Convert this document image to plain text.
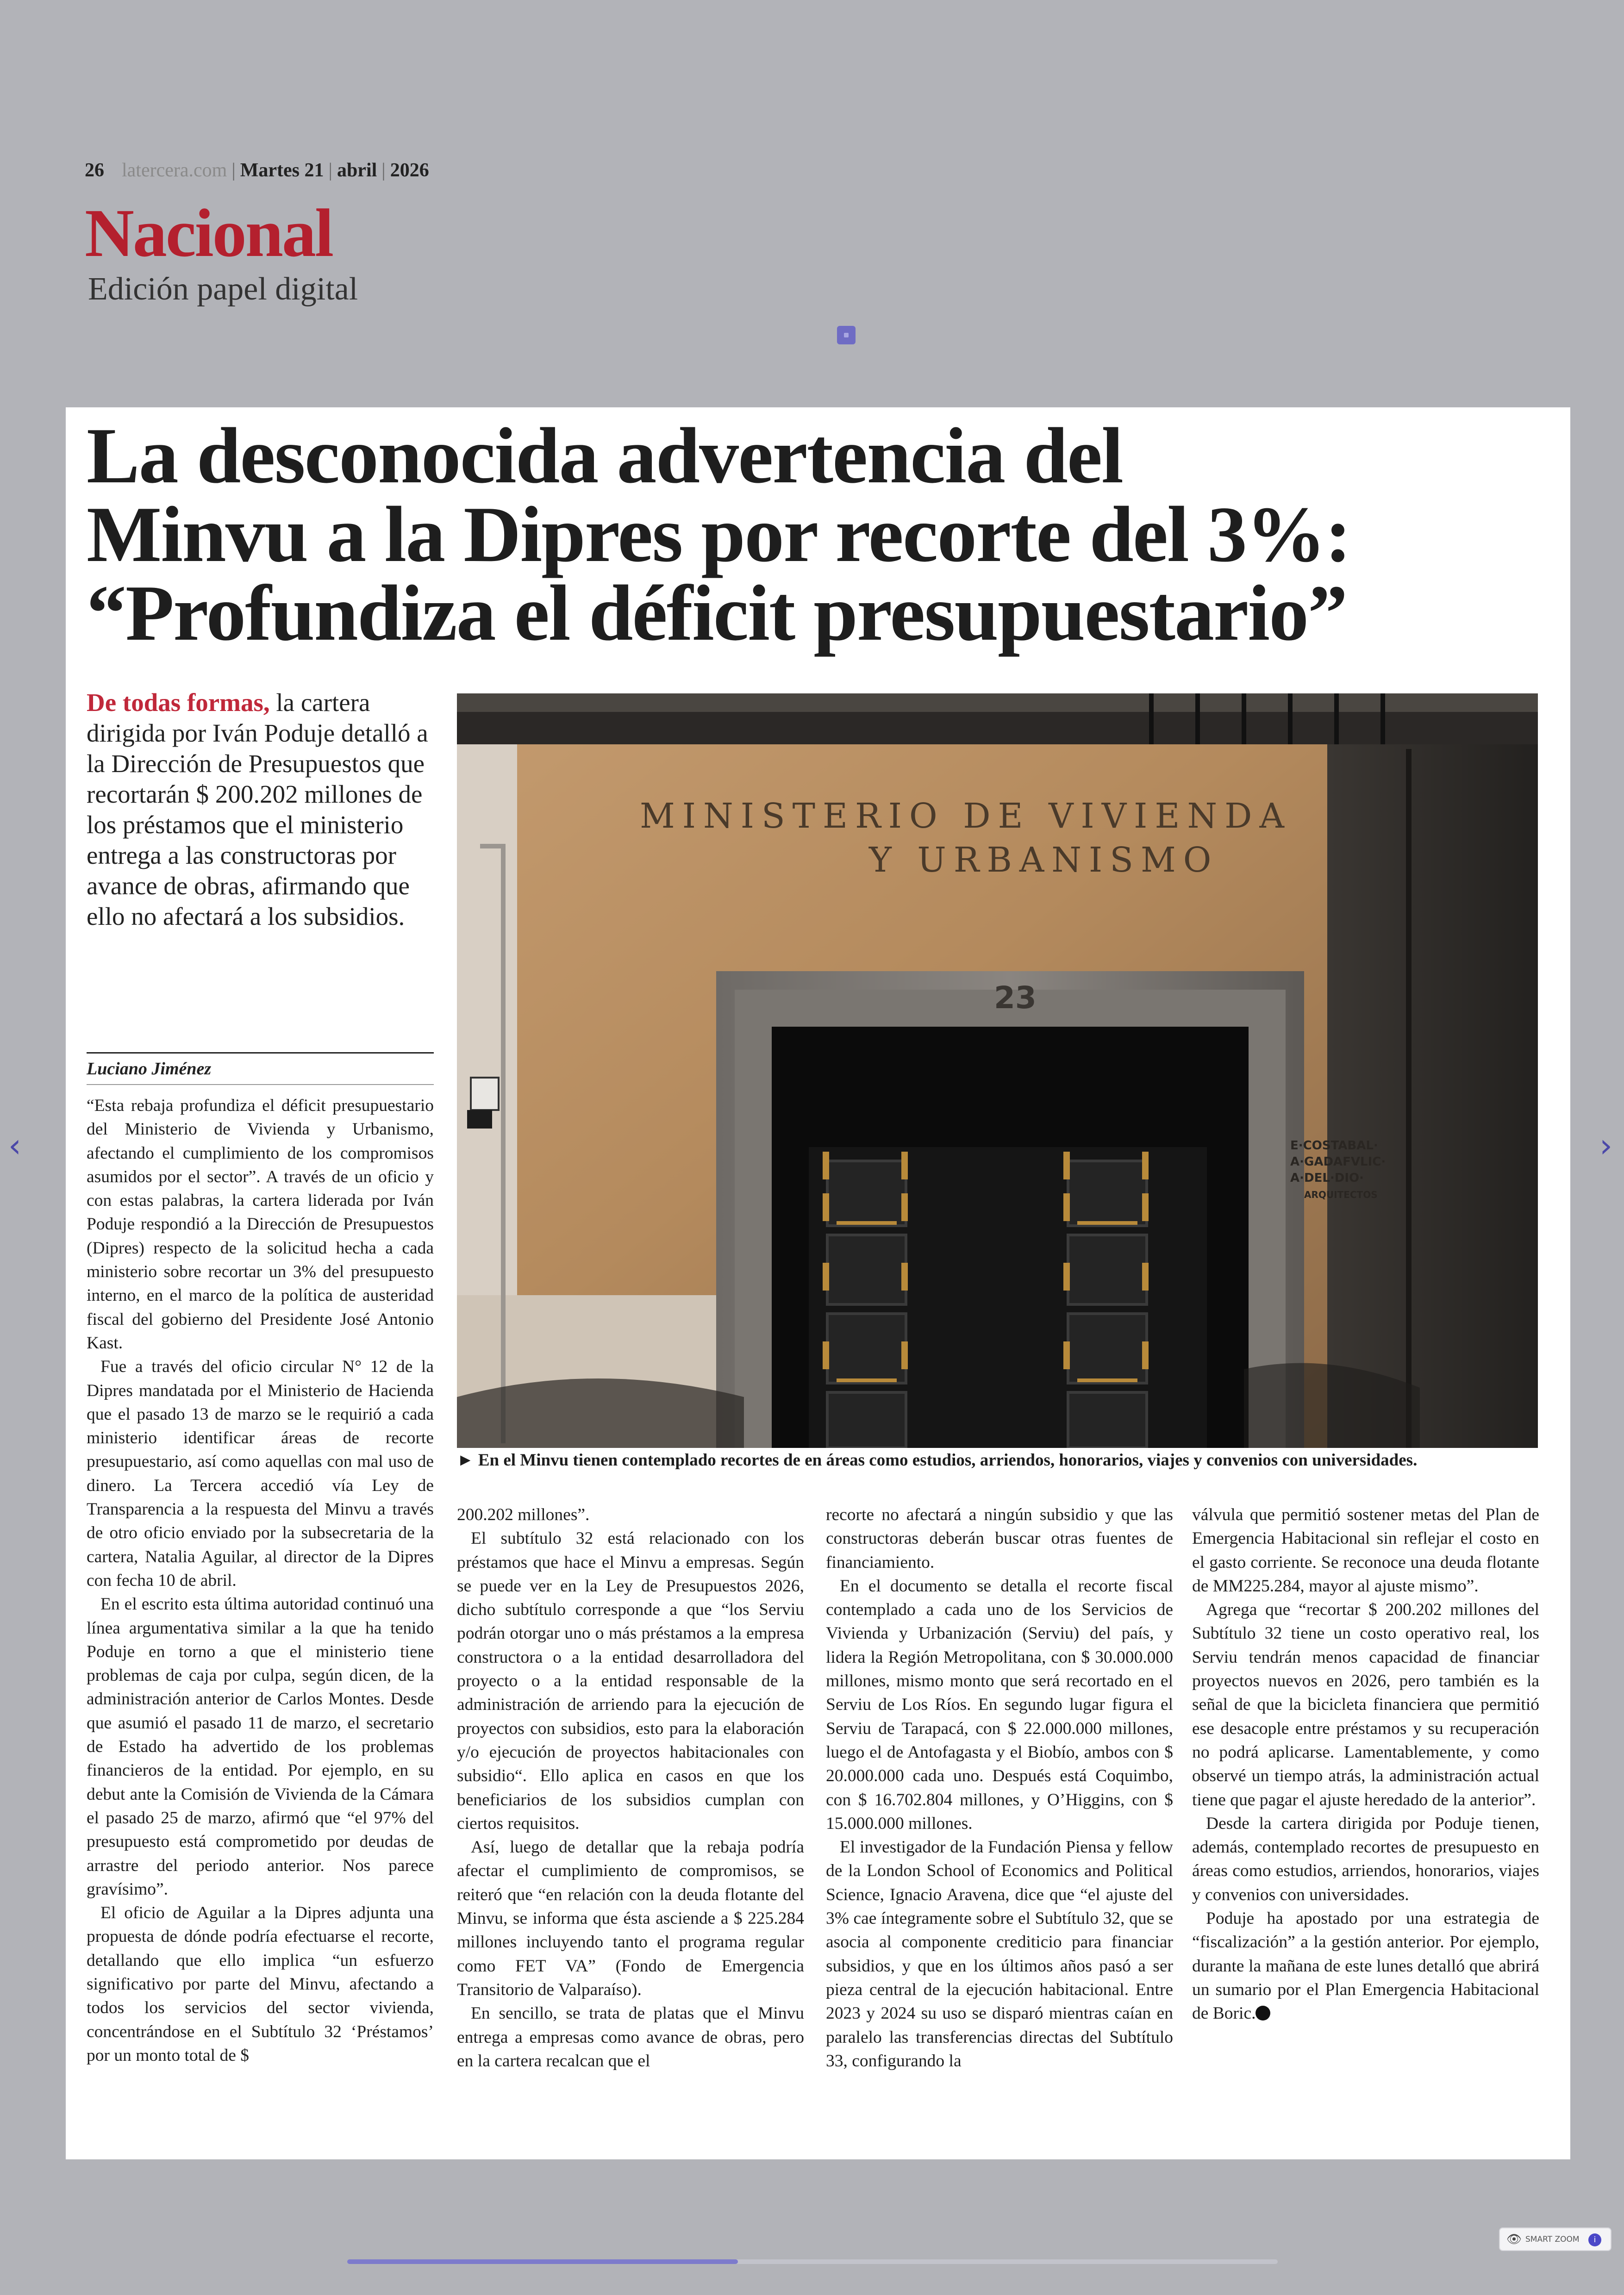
26 latercera.com | Martes 21 | abril | 2026
Nacional
Edición papel digital
La desconocida advertencia del
Minvu a la Dipres por recorte del 3%:
“Profundiza el déficit presupuestario”
De todas formas, la cartera dirigida por Iván Poduje detalló a la Dirección de Presupuestos que recortarán $ 200.202 millones de los préstamos que el ministerio entrega a las constructoras por avance de obras, afirmando que ello no afectará a los subsidios.
Luciano Jiménez
MINISTERIO DE VIVIENDA
Y URBANISMO
23
E·COSTABAL·
A·GADAFVLIC·
A·DEL·DIO·
ARQUITECTOS
► En el Minvu tienen contemplado recortes de en áreas como estudios, arriendos, honorarios, viajes y convenios con universidades.

“Esta rebaja profundiza el déficit presupuestario del Ministerio de Vivienda y Urbanismo, afectando el cumplimiento de los compromisos asumidos por el sector”. A través de un oficio y con estas palabras, la cartera liderada por Iván Poduje respondió a la Dirección de Presupuestos (Dipres) respecto de la solicitud hecha a cada ministerio sobre recortar un 3% del presupuesto interno, en el marco de la política de austeridad fiscal del gobierno del Presidente José Antonio Kast.

Fue a través del oficio circular N° 12 de la Dipres mandatada por el Ministerio de Hacienda que el pasado 13 de marzo se le requirió a cada ministerio identificar áreas de recorte presupuestario, así como aquellas con mal uso de dinero. La Tercera accedió vía Ley de Transparencia a la respuesta del Minvu a través de otro oficio enviado por la subsecretaria de la cartera, Natalia Aguilar, al director de la Dipres con fecha 10 de abril.

En el escrito esta última autoridad continuó una línea argumentativa similar a la que ha tenido Poduje en torno a que el ministerio tiene problemas de caja por culpa, según dicen, de la administración anterior de Carlos Montes. Desde que asumió el pasado 11 de marzo, el secretario de Estado ha advertido de los problemas financieros de la entidad. Por ejemplo, en su debut ante la Comisión de Vivienda de la Cámara el pasado 25 de marzo, afirmó que “el 97% del presupuesto está comprometido por deudas de arrastre del periodo anterior. Nos parece gravísimo”.

El oficio de Aguilar a la Dipres adjunta una propuesta de dónde podría efectuarse el recorte, detallando que ello implica “un esfuerzo significativo por parte del Minvu, afectando a todos los servicios del sector vivienda, concentrándose en el Subtítulo 32 ‘Préstamos’ por un monto total de $

200.202 millones”.

El subtítulo 32 está relacionado con los préstamos que hace el Minvu a empresas. Según se puede ver en la Ley de Presupuestos 2026, dicho subtítulo corresponde a que “los Serviu podrán otorgar uno o más préstamos a la empresa constructora o a la entidad desarrolladora del proyecto o a la entidad responsable de la administración de arriendo para la ejecución de proyectos con subsidios, esto para la elaboración y/o ejecución de proyectos habitacionales con subsidio“. Ello aplica en casos en que los beneficiarios de los subsidios cumplan con ciertos requisitos.

Así, luego de detallar que la rebaja podría afectar el cumplimiento de compromisos, se reiteró que “en relación con la deuda flotante del Minvu, se informa que ésta asciende a $ 225.284 millones incluyendo tanto el programa regular como FET VA” (Fondo de Emergencia Transitorio de Valparaíso).

En sencillo, se trata de platas que el Minvu entrega a empresas como avance de obras, pero en la cartera recalcan que el

recorte no afectará a ningún subsidio y que las constructoras deberán buscar otras fuentes de financiamiento.

En el documento se detalla el recorte fiscal contemplado a cada uno de los Servicios de Vivienda y Urbanización (Serviu) del país, y lidera la Región Metropolitana, con $ 30.000.000 millones, mismo monto que será recortado en el Serviu de Los Ríos. En segundo lugar figura el Serviu de Tarapacá, con $ 22.000.000 millones, luego el de Antofagasta y el Biobío, ambos con $ 20.000.000 cada uno. Después está Coquimbo, con $ 16.702.804 millones, y O’Higgins, con $ 15.000.000 millones.

El investigador de la Fundación Piensa y fellow de la London School of Economics and Political Science, Ignacio Aravena, dice que “el ajuste del 3% cae íntegramente sobre el Subtítulo 32, que se asocia al componente crediticio para financiar subsidios, y que en los últimos años pasó a ser pieza central de la ejecución habitacional. Entre 2023 y 2024 su uso se disparó mientras caían en paralelo las transferencias directas del Subtítulo 33, configurando la

válvula que permitió sostener metas del Plan de Emergencia Habitacional sin reflejar el costo en el gasto corriente. Se reconoce una deuda flotante de MM225.284, mayor al ajuste mismo”.

Agrega que “recortar $ 200.202 millones del Subtítulo 32 tiene un costo operativo real, los Serviu tendrán menos capacidad de financiar proyectos nuevos en 2026, pero también es la señal de que la bicicleta financiera que permitió ese desacople entre préstamos y su recuperación no podrá aplicarse. Lamentablemente, y como observé un tiempo atrás, la administración actual tiene que pagar el ajuste heredado de la anterior”.

Desde la cartera dirigida por Poduje tienen, además, contemplado recortes de presupuesto en áreas como estudios, arriendos, honorarios, viajes y convenios con universidades.

Poduje ha apostado por una estrategia de “fiscalización” a la gestión anterior. Por ejemplo, durante la mañana de este lunes detalló que abrirá un sumario por el Plan Emergencia Habitacional de Boric.

‹	›
👁 SMART ZOOM	i
